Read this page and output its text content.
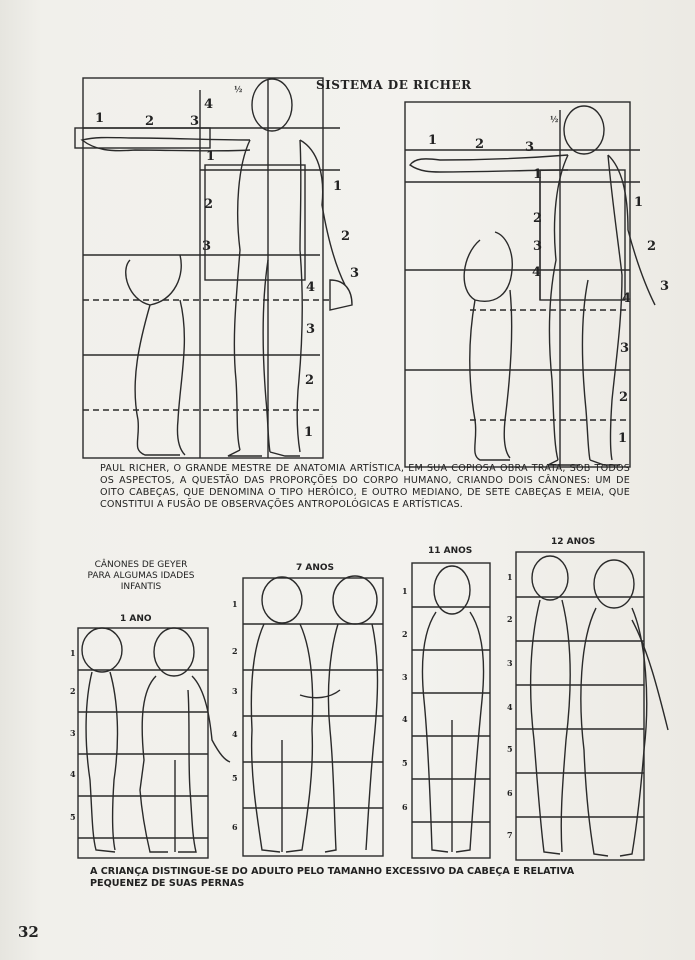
1	2	3
1
2
3
4
½
1
2
3
4
3
2
1
1	2	3
1
2
3
4
½
1
2
3
4
3
2
1
1
2
3
4
5
1
2
3
4
5
6
1
2
3
4
5
6
1
2
3
4
5
6
7
SISTEMA DE RICHER
PAUL RICHER, O GRANDE MESTRE DE ANATOMIA ARTÍSTICA, EM SUA COPIOSA OBRA TRATA, SOB TODOS OS ASPECTOS, A QUESTÃO DAS PROPORÇÕES DO CORPO HUMANO, CRIANDO DOIS CÂNONES: UM DE OITO CABEÇAS, QUE DENOMINA O TIPO HERÓICO, E OUTRO MEDIANO, DE SETE CABEÇAS E MEIA, QUE CONSTITUI A FUSÃO DE OBSERVAÇÕES ANTROPOLÓGICAS E ARTÍSTICAS.
CÂNONES DE GEYER PARA ALGUMAS IDADES INFANTIS
1 ANO
7 ANOS
11 ANOS
12 ANOS
A CRIANÇA DISTINGUE-SE DO ADULTO PELO TAMANHO EXCESSIVO DA CABEÇA E RELATIVA PEQUENEZ DE SUAS PERNAS
32
